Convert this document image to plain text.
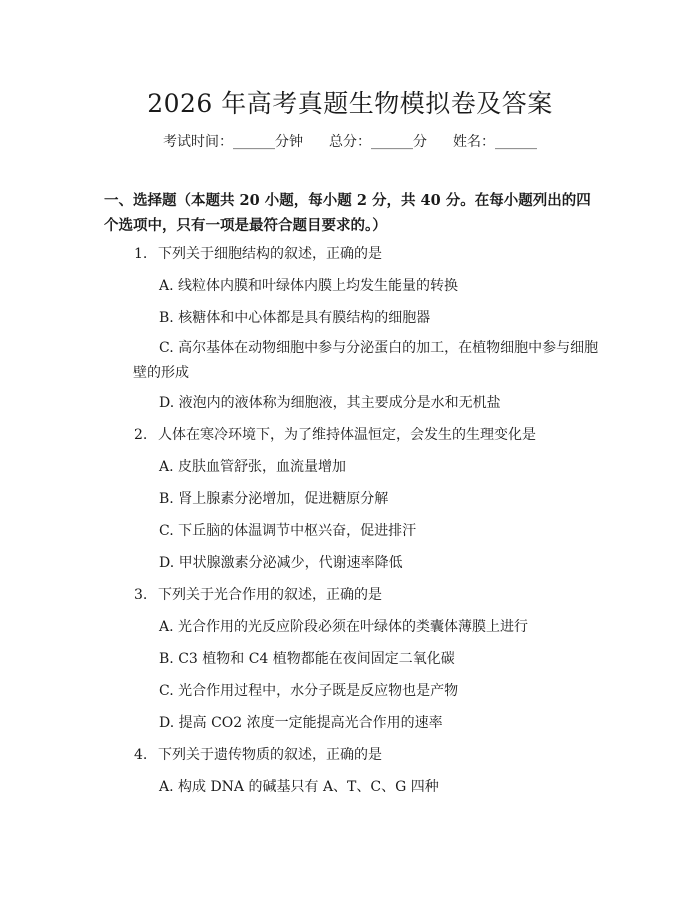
2026 年高考真题生物模拟卷及答案
考试时间：______分钟 总分：______分 姓名：______
一、选择题（本题共 20 小题，每小题 2 分，共 40 分。在每小题列出的四个选项中，只有一项是最符合题目要求的。）
1. 下列关于细胞结构的叙述，正确的是
A. 线粒体内膜和叶绿体内膜上均发生能量的转换
B. 核糖体和中心体都是具有膜结构的细胞器
C. 高尔基体在动物细胞中参与分泌蛋白的加工，在植物细胞中参与细胞壁的形成
D. 液泡内的液体称为细胞液，其主要成分是水和无机盐
2. 人体在寒冷环境下，为了维持体温恒定，会发生的生理变化是
A. 皮肤血管舒张，血流量增加
B. 肾上腺素分泌增加，促进糖原分解
C. 下丘脑的体温调节中枢兴奋，促进排汗
D. 甲状腺激素分泌减少，代谢速率降低
3. 下列关于光合作用的叙述，正确的是
A. 光合作用的光反应阶段必须在叶绿体的类囊体薄膜上进行
B. C3 植物和 C4 植物都能在夜间固定二氧化碳
C. 光合作用过程中，水分子既是反应物也是产物
D. 提高 CO2 浓度一定能提高光合作用的速率
4. 下列关于遗传物质的叙述，正确的是
A. 构成 DNA 的碱基只有 A、T、C、G 四种
